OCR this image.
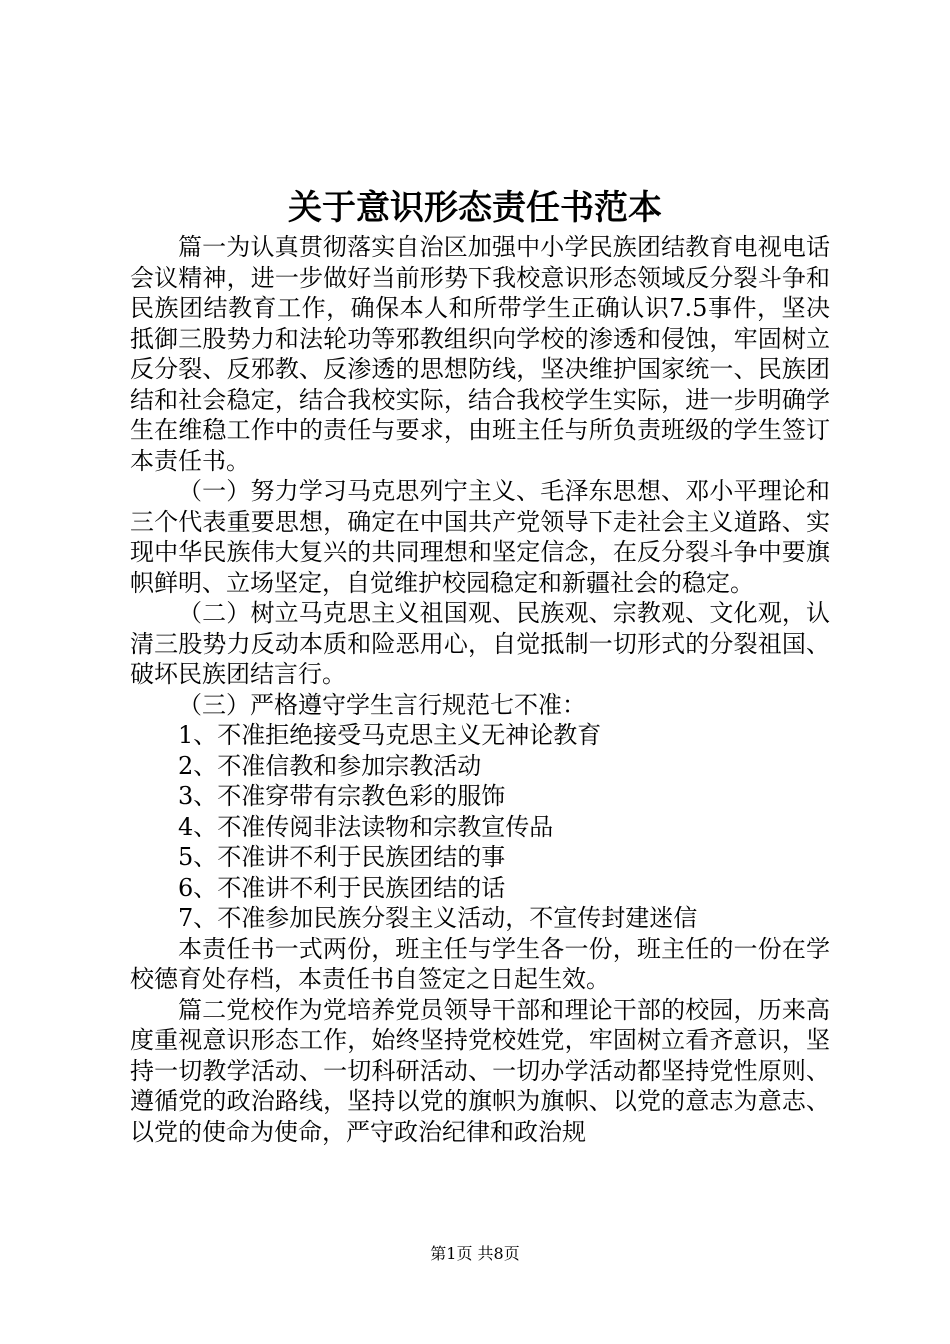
关于意识形态责任书范本

篇一为认真贯彻落实自治区加强中小学民族团结教育电视电话会议精神，进一步做好当前形势下我校意识形态领域反分裂斗争和民族团结教育工作，确保本人和所带学生正确认识7.5事件，坚决抵御三股势力和法轮功等邪教组织向学校的渗透和侵蚀，牢固树立反分裂、反邪教、反渗透的思想防线，坚决维护国家统一、民族团结和社会稳定，结合我校实际，结合我校学生实际，进一步明确学生在维稳工作中的责任与要求，由班主任与所负责班级的学生签订本责任书。

（一）努力学习马克思列宁主义、毛泽东思想、邓小平理论和三个代表重要思想，确定在中国共产党领导下走社会主义道路、实现中华民族伟大复兴的共同理想和坚定信念，在反分裂斗争中要旗帜鲜明、立场坚定，自觉维护校园稳定和新疆社会的稳定。

（二）树立马克思主义祖国观、民族观、宗教观、文化观，认清三股势力反动本质和险恶用心，自觉抵制一切形式的分裂祖国、破坏民族团结言行。

（三）严格遵守学生言行规范七不准：

1、不准拒绝接受马克思主义无神论教育

2、不准信教和参加宗教活动

3、不准穿带有宗教色彩的服饰

4、不准传阅非法读物和宗教宣传品

5、不准讲不利于民族团结的事

6、不准讲不利于民族团结的话

7、不准参加民族分裂主义活动，不宣传封建迷信

本责任书一式两份，班主任与学生各一份，班主任的一份在学校德育处存档，本责任书自签定之日起生效。

篇二党校作为党培养党员领导干部和理论干部的校园，历来高度重视意识形态工作，始终坚持党校姓党，牢固树立看齐意识，坚持一切教学活动、一切科研活动、一切办学活动都坚持党性原则、遵循党的政治路线，坚持以党的旗帜为旗帜、以党的意志为意志、以党的使命为使命，严守政治纪律和政治规

第1页 共8页
